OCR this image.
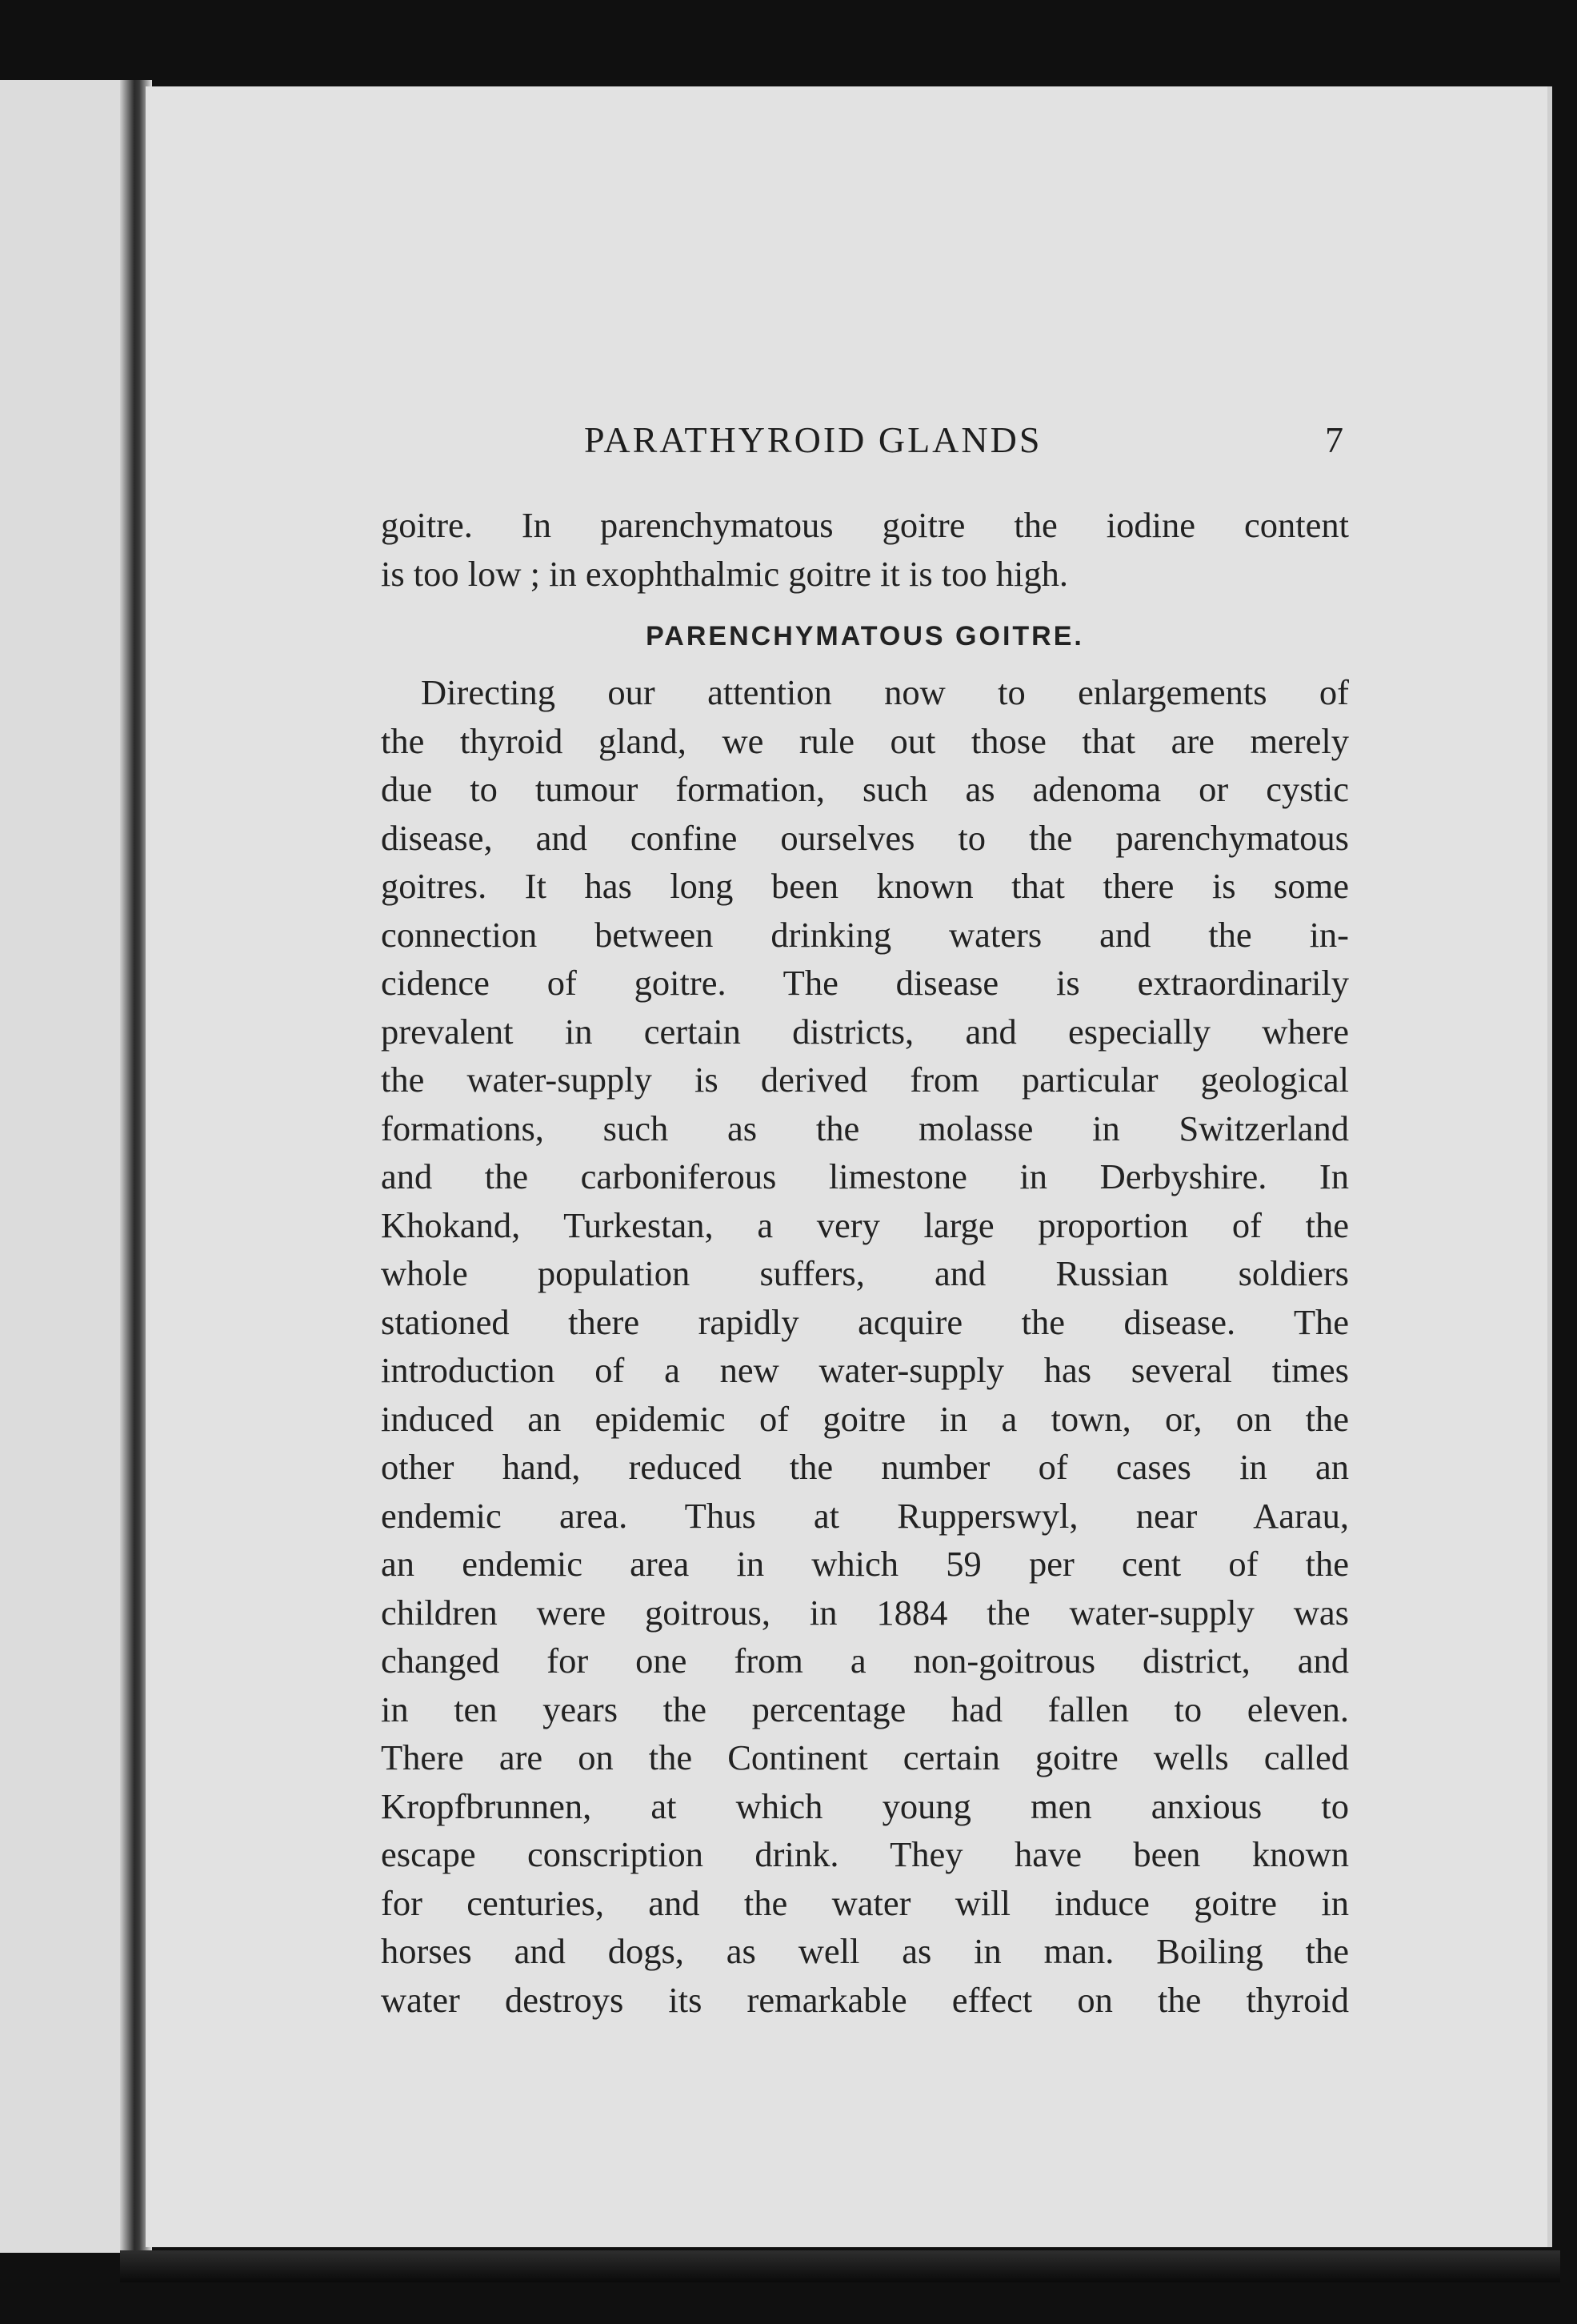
PARATHYROID GLANDS	7
goitre. In parenchymatous goitre the iodine content
is too low ; in exophthalmic goitre it is too high.
PARENCHYMATOUS GOITRE.
Directing our attention now to enlargements of
the thyroid gland, we rule out those that are merely
due to tumour formation, such as adenoma or cystic
disease, and confine ourselves to the parenchymatous
goitres. It has long been known that there is some
connection between drinking waters and the in-
cidence of goitre. The disease is extraordinarily
prevalent in certain districts, and especially where
the water-supply is derived from particular geological
formations, such as the molasse in Switzerland
and the carboniferous limestone in Derbyshire. In
Khokand, Turkestan, a very large proportion of the
whole population suffers, and Russian soldiers
stationed there rapidly acquire the disease. The
introduction of a new water-supply has several times
induced an epidemic of goitre in a town, or, on the
other hand, reduced the number of cases in an
endemic area. Thus at Rupperswyl, near Aarau,
an endemic area in which 59 per cent of the
children were goitrous, in 1884 the water-supply was
changed for one from a non-goitrous district, and
in ten years the percentage had fallen to eleven.
There are on the Continent certain goitre wells called
Kropfbrunnen, at which young men anxious to
escape conscription drink. They have been known
for centuries, and the water will induce goitre in
horses and dogs, as well as in man. Boiling the
water destroys its remarkable effect on the thyroid
